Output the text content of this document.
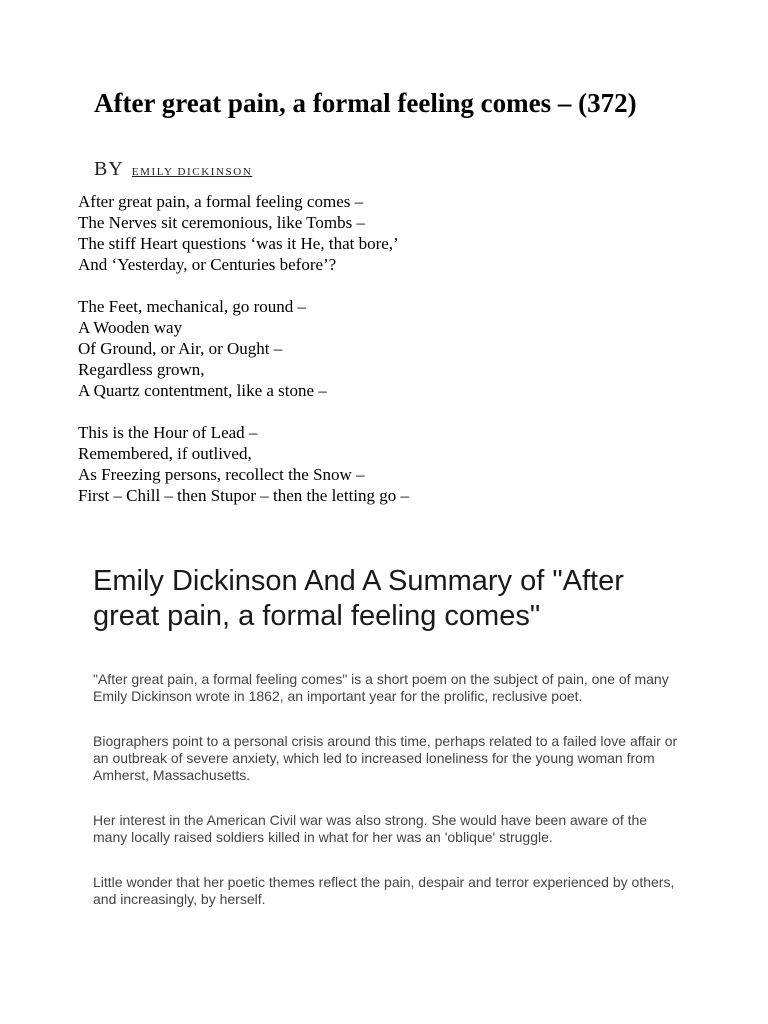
After great pain, a formal feeling comes – (372)
BY EMILY DICKINSON
After great pain, a formal feeling comes –
The Nerves sit ceremonious, like Tombs –
The stiff Heart questions ‘was it He, that bore,’
And ‘Yesterday, or Centuries before’?
The Feet, mechanical, go round –
A Wooden way
Of Ground, or Air, or Ought –
Regardless grown,
A Quartz contentment, like a stone –
This is the Hour of Lead –
Remembered, if outlived,
As Freezing persons, recollect the Snow –
First – Chill – then Stupor – then the letting go –
Emily Dickinson And A Summary of "After great pain, a formal feeling comes"

"After great pain, a formal feeling comes" is a short poem on the subject of pain, one of many Emily Dickinson wrote in 1862, an important year for the prolific, reclusive poet.

Biographers point to a personal crisis around this time, perhaps related to a failed love affair or an outbreak of severe anxiety, which led to increased loneliness for the young woman from Amherst, Massachusetts.

Her interest in the American Civil war was also strong. She would have been aware of the many locally raised soldiers killed in what for her was an 'oblique' struggle.

Little wonder that her poetic themes reflect the pain, despair and terror experienced by others, and increasingly, by herself.
